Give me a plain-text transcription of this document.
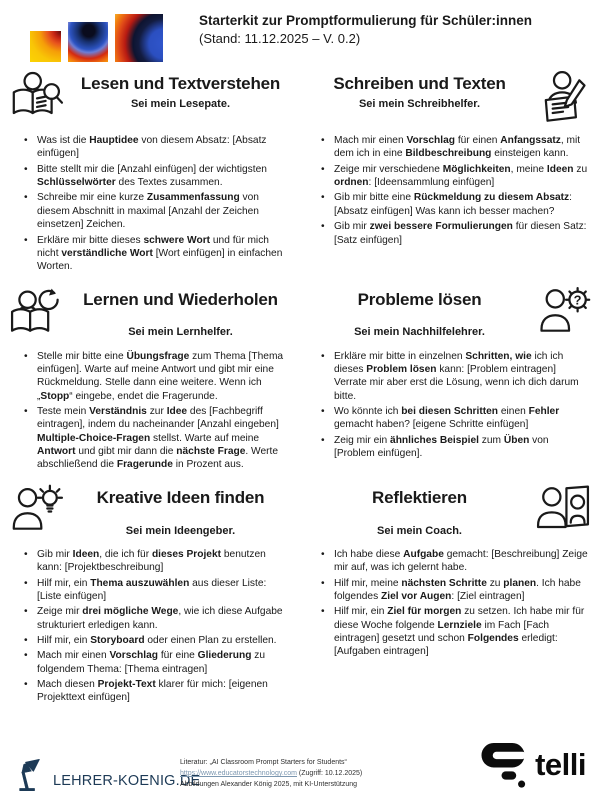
Starterkit zur Promptformulierung für Schüler:innen
(Stand: 11.12.2025 – V. 0.2)
Lesen und Textverstehen
Sei mein Lesepate.
• Was ist die Hauptidee von diesem Absatz: [Absatz einfügen]
• Bitte stellt mir die [Anzahl einfügen] der wichtigsten Schlüsselwörter des Textes zusammen.
• Schreibe mir eine kurze Zusammenfassung von diesem Abschnitt in maximal [Anzahl der Zeichen einsetzen] Zeichen.
• Erkläre mir bitte dieses schwere Wort und für mich nicht verständliche Wort [Wort einfügen] in einfachen Worten.
Schreiben und Texten
Sei mein Schreibhelfer.
• Mach mir einen Vorschlag für einen Anfangssatz, mit dem ich in eine Bildbeschreibung einsteigen kann.
• Zeige mir verschiedene Möglichkeiten, meine Ideen zu ordnen: [Ideensammlung einfügen]
• Gib mir bitte eine Rückmeldung zu diesem Absatz: [Absatz einfügen] Was kann ich besser machen?
• Gib mir zwei bessere Formulierungen für diesen Satz: [Satz einfügen]
Lernen und Wiederholen
Sei mein Lernhelfer.
• Stelle mir bitte eine Übungsfrage zum Thema [Thema einfügen]. Warte auf meine Antwort und gibt mir eine Rückmeldung. Stelle dann eine weitere. Wenn ich „Stopp“ eingebe, endet die Fragerunde.
• Teste mein Verständnis zur Idee des [Fachbegriff eintragen], indem du nacheinander [Anzahl eingeben] Multiple-Choice-Fragen stellst. Warte auf meine Antwort und gibt mir dann die nächste Frage. Werte abschließend die Fragerunde in Prozent aus.
Probleme lösen
Sei mein Nachhilfelehrer.
• Erkläre mir bitte in einzelnen Schritten, wie ich ich dieses Problem lösen kann: [Problem eintragen] Verrate mir aber erst die Lösung, wenn ich dich darum bitte.
• Wo könnte ich bei diesen Schritten einen Fehler gemacht haben? [eigene Schritte einfügen]
• Zeig mir ein ähnliches Beispiel zum Üben von [Problem einfügen].
Kreative Ideen finden
Sei mein Ideengeber.
• Gib mir Ideen, die ich für dieses Projekt benutzen kann: [Projektbeschreibung]
• Hilf mir, ein Thema auszuwählen aus dieser Liste: [Liste einfügen]
• Zeige mir drei mögliche Wege, wie ich diese Aufgabe strukturiert erledigen kann.
• Hilf mir, ein Storyboard oder einen Plan zu erstellen.
• Mach mir einen Vorschlag für eine Gliederung zu folgendem Thema: [Thema eintragen]
• Mach diesen Projekt-Text klarer für mich: [eigenen Projekttext einfügen]
Reflektieren
Sei mein Coach.
• Ich habe diese Aufgabe gemacht: [Beschreibung] Zeige mir auf, was ich gelernt habe.
• Hilf mir, meine nächsten Schritte zu planen. Ich habe folgendes Ziel vor Augen: [Ziel eintragen]
• Hilf mir, ein Ziel für morgen zu setzen. Ich habe mir für diese Woche folgende Lernziele im Fach [Fach eintragen] gesetzt und schon Folgendes erledigt: [Aufgaben eintragen]
LEHRER-KOENIG.DE
Literatur: „AI Classroom Prompt Starters for Students“
https://www.educatorstechnology.com (Zugriff: 10.12.2025)
Abbildungen Alexander König 2025, mit KI-Unterstützung
telli
